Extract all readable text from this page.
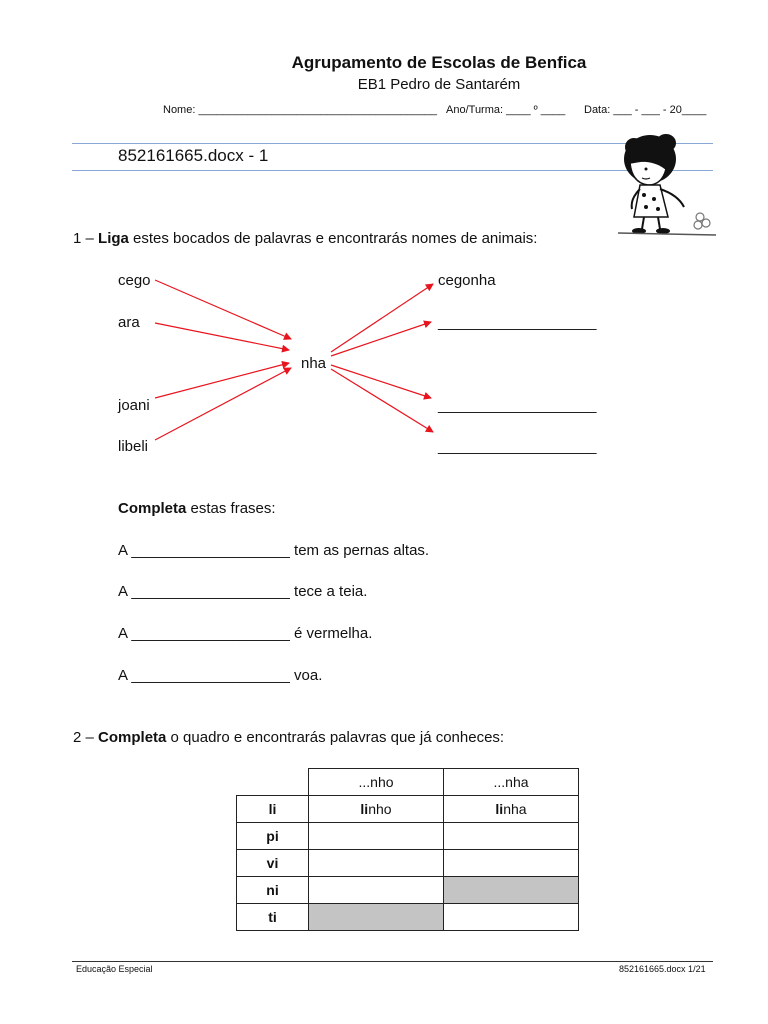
Agrupamento de Escolas de Benfica
EB1 Pedro de Santarém
Nome: _______________________________________ Ano/Turma: ____ º ____ Data: ___ - ___ - 20____
852161665.docx - 1
1 – Liga estes bocados de palavras e encontrarás nomes de animais:
cego
ara
joani
libeli
nha
cegonha
___________________
___________________
___________________
Completa estas frases:
A ___________________ tem as pernas altas.
A ___________________ tece a teia.
A ___________________ é vermelha.
A ___________________ voa.
2 – Completa o quadro e encontrarás palavras que já conheces:
	...nho	...nha
li	linho	linha
pi		
vi		
ni		
ti		
Educação Especial	852161665.docx 1/21
